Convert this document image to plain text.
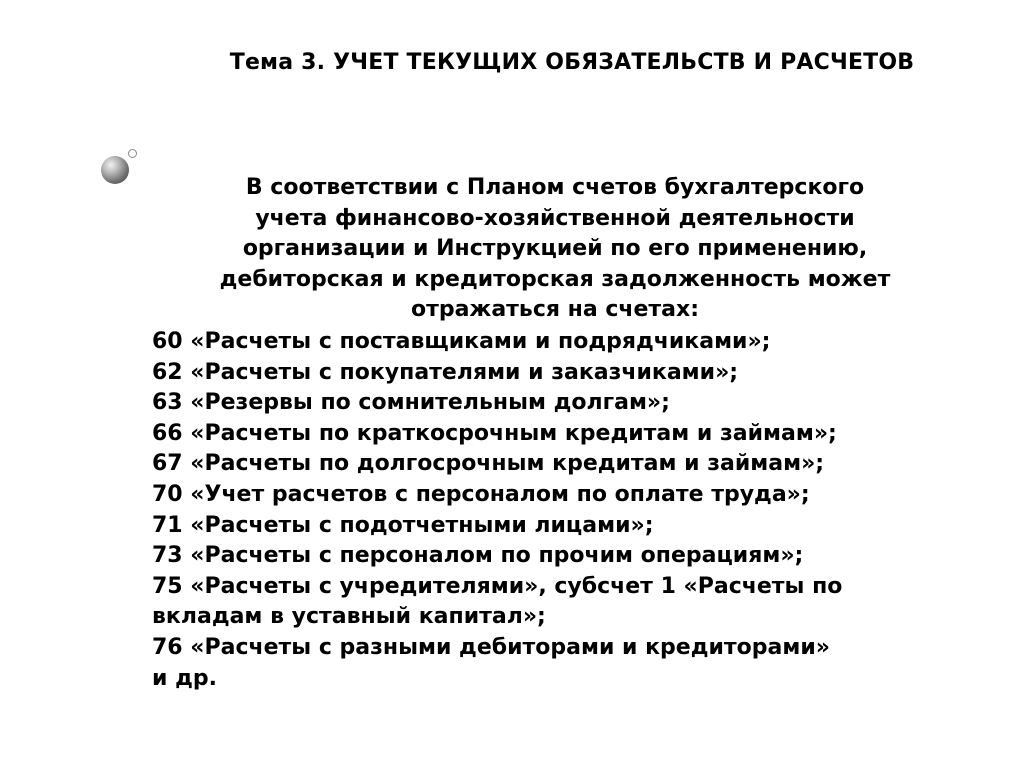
Тема 3. УЧЕТ ТЕКУЩИХ ОБЯЗАТЕЛЬСТВ И РАСЧЕТОВ
В соответствии с Планом счетов бухгалтерского
учета финансово-хозяйственной деятельности
организации и Инструкцией по его применению,
дебиторская и кредиторская задолженность может
отражаться на счетах:
60 «Расчеты с поставщиками и подрядчиками»;
62 «Расчеты с покупателями и заказчиками»;
63 «Резервы по сомнительным долгам»;
66 «Расчеты по краткосрочным кредитам и займам»;
67 «Расчеты по долгосрочным кредитам и займам»;
70 «Учет расчетов с персоналом по оплате труда»;
71 «Расчеты с подотчетными лицами»;
73 «Расчеты с персоналом по прочим операциям»;
75 «Расчеты с учредителями», субсчет 1 «Расчеты по
вкладам в уставный капитал»;
76 «Расчеты с разными дебиторами и кредиторами»
и др.
